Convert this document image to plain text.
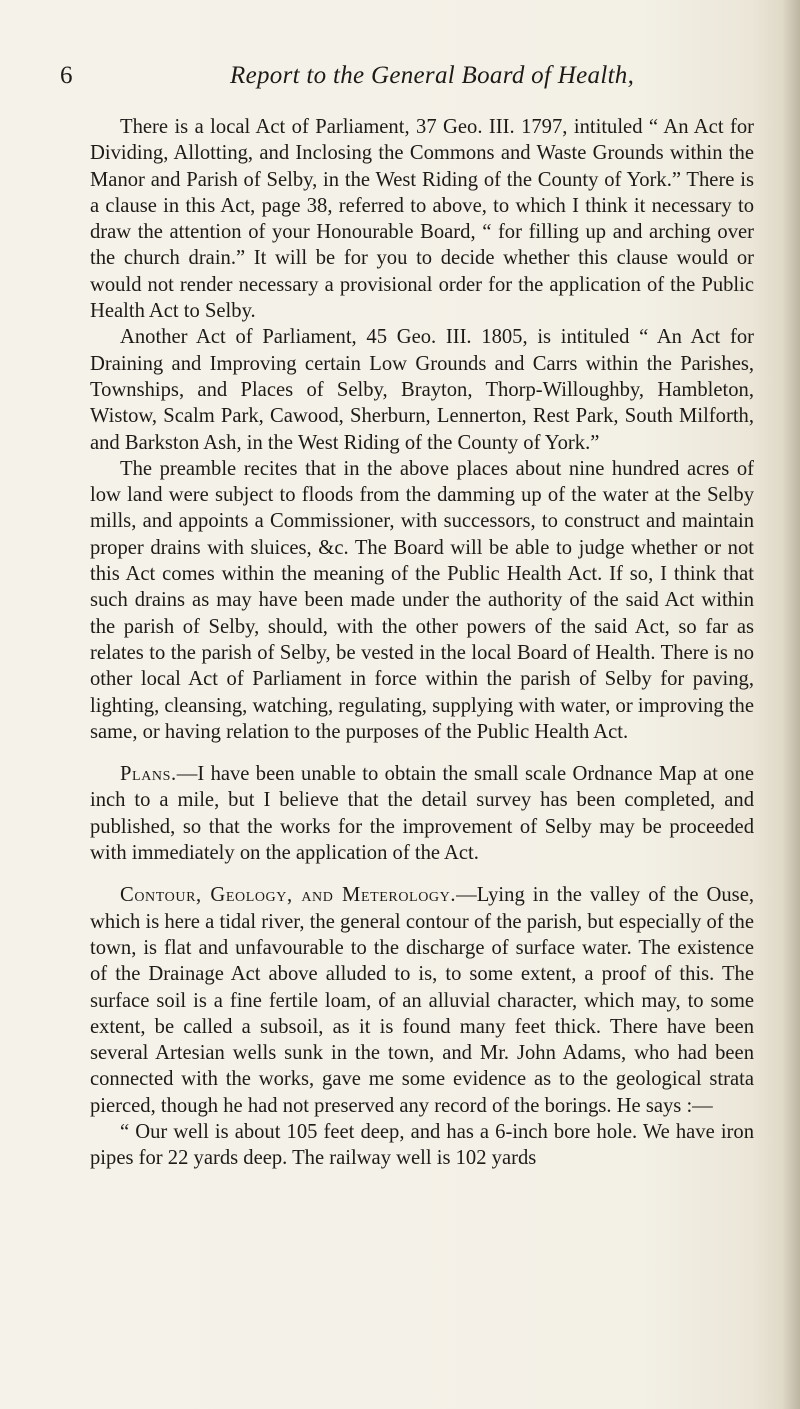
6	Report to the General Board of Health,

There is a local Act of Parliament, 37 Geo. III. 1797, intituled “ An Act for Dividing, Allotting, and Inclosing the Commons and Waste Grounds within the Manor and Parish of Selby, in the West Riding of the County of York.” There is a clause in this Act, page 38, referred to above, to which I think it necessary to draw the attention of your Honourable Board, “ for filling up and arching over the church drain.” It will be for you to decide whether this clause would or would not render necessary a provisional order for the application of the Public Health Act to Selby.

Another Act of Parliament, 45 Geo. III. 1805, is intituled “ An Act for Draining and Improving certain Low Grounds and Carrs within the Parishes, Townships, and Places of Selby, Brayton, Thorp-Willoughby, Hambleton, Wistow, Scalm Park, Cawood, Sherburn, Lennerton, Rest Park, South Milforth, and Barkston Ash, in the West Riding of the County of York.”

The preamble recites that in the above places about nine hundred acres of low land were subject to floods from the damming up of the water at the Selby mills, and appoints a Commissioner, with successors, to construct and maintain proper drains with sluices, &c. The Board will be able to judge whether or not this Act comes within the meaning of the Public Health Act. If so, I think that such drains as may have been made under the authority of the said Act within the parish of Selby, should, with the other powers of the said Act, so far as relates to the parish of Selby, be vested in the local Board of Health. There is no other local Act of Parliament in force within the parish of Selby for paving, lighting, cleansing, watching, regulating, supplying with water, or improving the same, or having relation to the purposes of the Public Health Act.

Plans.—I have been unable to obtain the small scale Ordnance Map at one inch to a mile, but I believe that the detail survey has been completed, and published, so that the works for the improvement of Selby may be proceeded with immediately on the application of the Act.

Contour, Geology, and Meterology.—Lying in the valley of the Ouse, which is here a tidal river, the general contour of the parish, but especially of the town, is flat and unfavourable to the discharge of surface water. The existence of the Drainage Act above alluded to is, to some extent, a proof of this. The surface soil is a fine fertile loam, of an alluvial character, which may, to some extent, be called a subsoil, as it is found many feet thick. There have been several Artesian wells sunk in the town, and Mr. John Adams, who had been connected with the works, gave me some evidence as to the geological strata pierced, though he had not preserved any record of the borings. He says :—

“ Our well is about 105 feet deep, and has a 6-inch bore hole. We have iron pipes for 22 yards deep. The railway well is 102 yards
